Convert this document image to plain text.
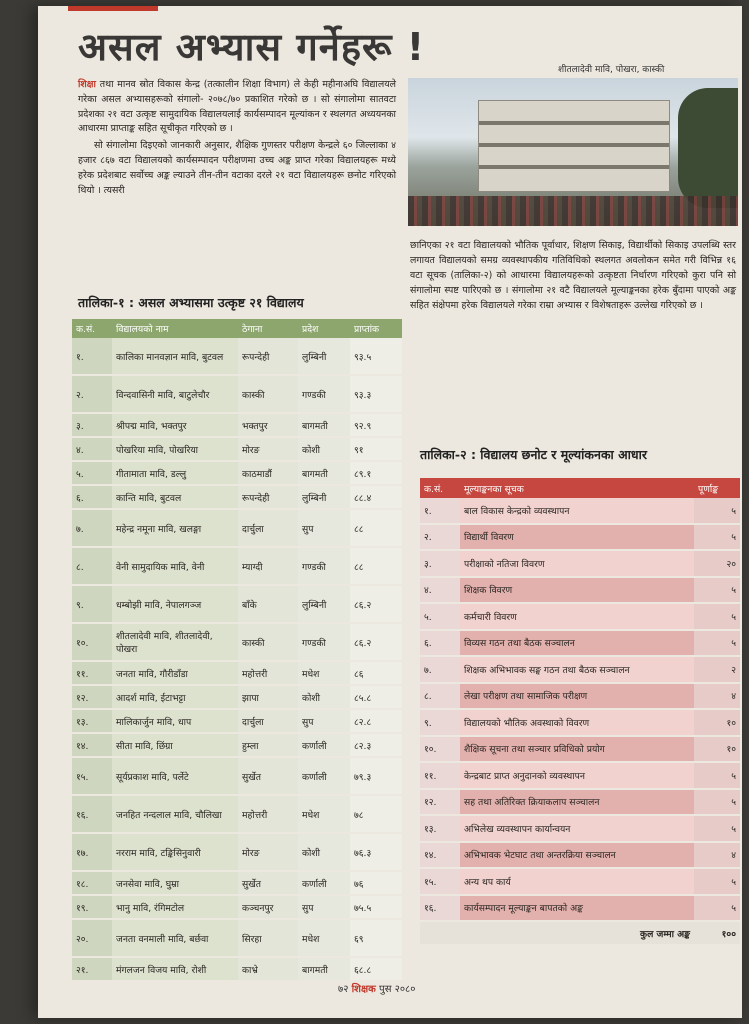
असल अभ्यास गर्नेहरू !

शिक्षा तथा मानव स्रोत विकास केन्द्र (तत्कालीन शिक्षा विभाग) ले केही महीनाअघि विद्यालयले गरेका असल अभ्यासहरूको संगालो- २०७८/७० प्रकाशित गरेको छ । सो संगालोमा सातवटा प्रदेशका २१ वटा उत्कृष्ट सामुदायिक विद्यालयलाई कार्यसम्पादन मूल्यांकन र स्थलगत अध्ययनका आधारमा प्राप्ताङ्क सहित सूचीकृत गरिएको छ ।

सो संगालोमा दिइएको जानकारी अनुसार, शैक्षिक गुणस्तर परीक्षण केन्द्रले ६० जिल्लाका ४ हजार ८६७ वटा विद्यालयको कार्यसम्पादन परीक्षणमा उच्च अङ्क प्राप्त गरेका विद्यालयहरू मध्ये हरेक प्रदेशबाट सर्वोच्च अङ्क ल्याउने तीन-तीन वटाका दरले २१ वटा विद्यालयहरू छनोट गरिएको थियो । त्यसरी

शीतलादेवी मावि, पोखरा, कास्की
छानिएका २१ वटा विद्यालयको भौतिक पूर्वाधार, शिक्षण सिकाइ, विद्यार्थीको सिकाइ उपलब्धि स्तर लगायत विद्यालयको समग्र व्यवस्थापकीय गतिविधिको स्थलगत अवलोकन समेत गरी विभिन्न १६ वटा सूचक (तालिका-२) को आधारमा विद्यालयहरूको उत्कृष्टता निर्धारण गरिएको कुरा पनि सो संगालोमा स्पष्ट पारिएको छ । संगालोमा २१ वटै विद्यालयले मूल्याङ्कनका हरेक बुँदामा पाएको अङ्क सहित संक्षेपमा हरेक विद्यालयले गरेका राम्रा अभ्यास र विशेषताहरू उल्लेख गरिएको छ ।
तालिका-१ : असल अभ्यासमा उत्कृष्ट २१ विद्यालय
क.सं.	विद्यालयको नाम	ठेगाना	प्रदेश	प्राप्तांक
१.	कालिका मानवज्ञान मावि, बुटवल	रूपन्देही	लुम्बिनी	९३.५
२.	विन्दवासिनी मावि, बाटुलेचौर	कास्की	गण्डकी	९३.३
३.	श्रीपद्म मावि, भक्तपुर	भक्तपुर	बागमती	९२.९
४.	पोखरिया मावि, पोखरिया	मोरङ	कोशी	९१
५.	गीतामाता मावि, डल्लु	काठमाडौं	बागमती	८९.१
६.	कान्ति मावि, बुटवल	रूपन्देही	लुम्बिनी	८८.४
७.	महेन्द्र नमूना मावि, खलङ्गा	दार्चुला	सुप	८८
८.	वेनी सामुदायिक मावि, वेनी	म्याग्दी	गण्डकी	८८
९.	धम्बोझी मावि, नेपालगञ्ज	बाँके	लुम्बिनी	८६.२
१०.	शीतलादेवी मावि, शीतलादेवी, पोखरा	कास्की	गण्डकी	८६.२
११.	जनता मावि, गौरीडाँडा	महोत्तरी	मधेश	८६
१२.	आदर्श मावि, ईटाभट्टा	झापा	कोशी	८५.८
१३.	मालिकार्जुन मावि, धाप	दार्चुला	सुप	८२.८
१४.	सीता मावि, छिंग्रा	हुम्ला	कर्णाली	८२.३
१५.	सूर्यप्रकाश मावि, पर्लेटे	सुर्खेत	कर्णाली	७९.३
१६.	जनहित नन्दलाल मावि, चौलिखा	महोत्तरी	मधेश	७८
१७.	नरराम मावि, टङ्किसिनुवारी	मोरङ	कोशी	७६.३
१८.	जनसेवा मावि, घुम्रा	सुर्खेत	कर्णाली	७६
१९.	भानु मावि, रंगिमटोल	कञ्चनपुर	सुप	७५.५
२०.	जनता वनमाली मावि, बर्छवा	सिरहा	मधेश	६९
२१.	मंगलजन विजय मावि, रोशी	काभ्रे	बागमती	६८.८
तालिका-२ : विद्यालय छनोट र मूल्यांकनका आधार
क.सं.	मूल्याङ्कनका सूचक	पूर्णाङ्क
१.	बाल विकास केन्द्रको व्यवस्थापन	५
२.	विद्यार्थी विवरण	५
३.	परीक्षाको नतिजा विवरण	२०
४.	शिक्षक विवरण	५
५.	कर्मचारी विवरण	५
६.	विव्यस गठन तथा बैठक सञ्चालन	५
७.	शिक्षक अभिभावक सङ्घ गठन तथा बैठक सञ्चालन	२
८.	लेखा परीक्षण तथा सामाजिक परीक्षण	४
९.	विद्यालयको भौतिक अवस्थाको विवरण	१०
१०.	शैक्षिक सूचना तथा सञ्चार प्रविधिको प्रयोग	१०
११.	केन्द्रबाट प्राप्त अनुदानको व्यवस्थापन	५
१२.	सह तथा अतिरिक्त क्रियाकलाप सञ्चालन	५
१३.	अभिलेख व्यवस्थापन कार्यान्वयन	५
१४.	अभिभावक भेटघाट तथा अन्तरक्रिया सञ्चालन	४
१५.	अन्य थप कार्य	५
१६.	कार्यसम्पादन मूल्याङ्कन बापतको अङ्क	५
कुल जम्मा अङ्क		१००
७२ शिक्षक पुस २०८०
